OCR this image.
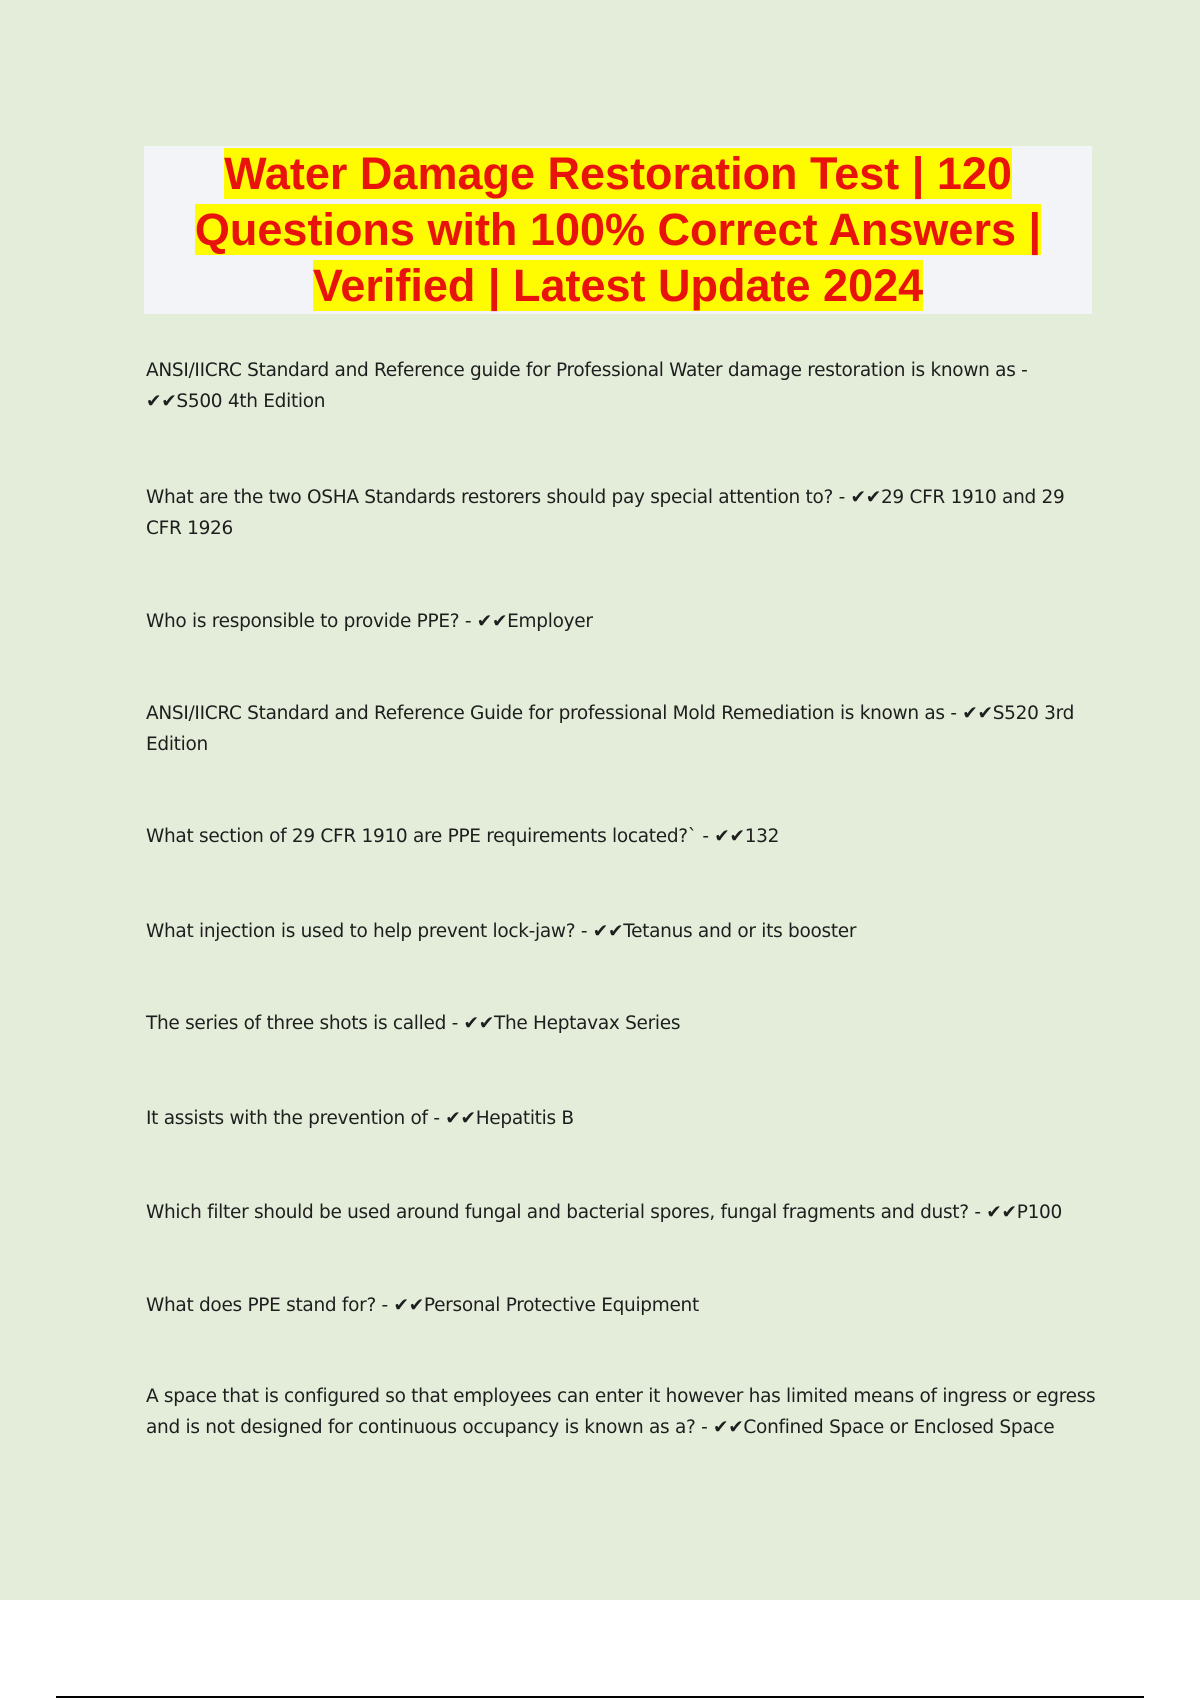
Water Damage Restoration Test | 120
Questions with 100% Correct Answers |
Verified | Latest Update 2024

ANSI/IICRC Standard and Reference guide for Professional Water damage restoration is known as - ✔✔S500 4th Edition

What are the two OSHA Standards restorers should pay special attention to? - ✔✔29 CFR 1910 and 29 CFR 1926

Who is responsible to provide PPE? - ✔✔Employer

ANSI/IICRC Standard and Reference Guide for professional Mold Remediation is known as - ✔✔S520 3rd Edition

What section of 29 CFR 1910 are PPE requirements located?` - ✔✔132

What injection is used to help prevent lock-jaw? - ✔✔Tetanus and or its booster

The series of three shots is called - ✔✔The Heptavax Series

It assists with the prevention of - ✔✔Hepatitis B

Which filter should be used around fungal and bacterial spores, fungal fragments and dust? - ✔✔P100

What does PPE stand for? - ✔✔Personal Protective Equipment

A space that is configured so that employees can enter it however has limited means of ingress or egress and is not designed for continuous occupancy is known as a? - ✔✔Confined Space or Enclosed Space
